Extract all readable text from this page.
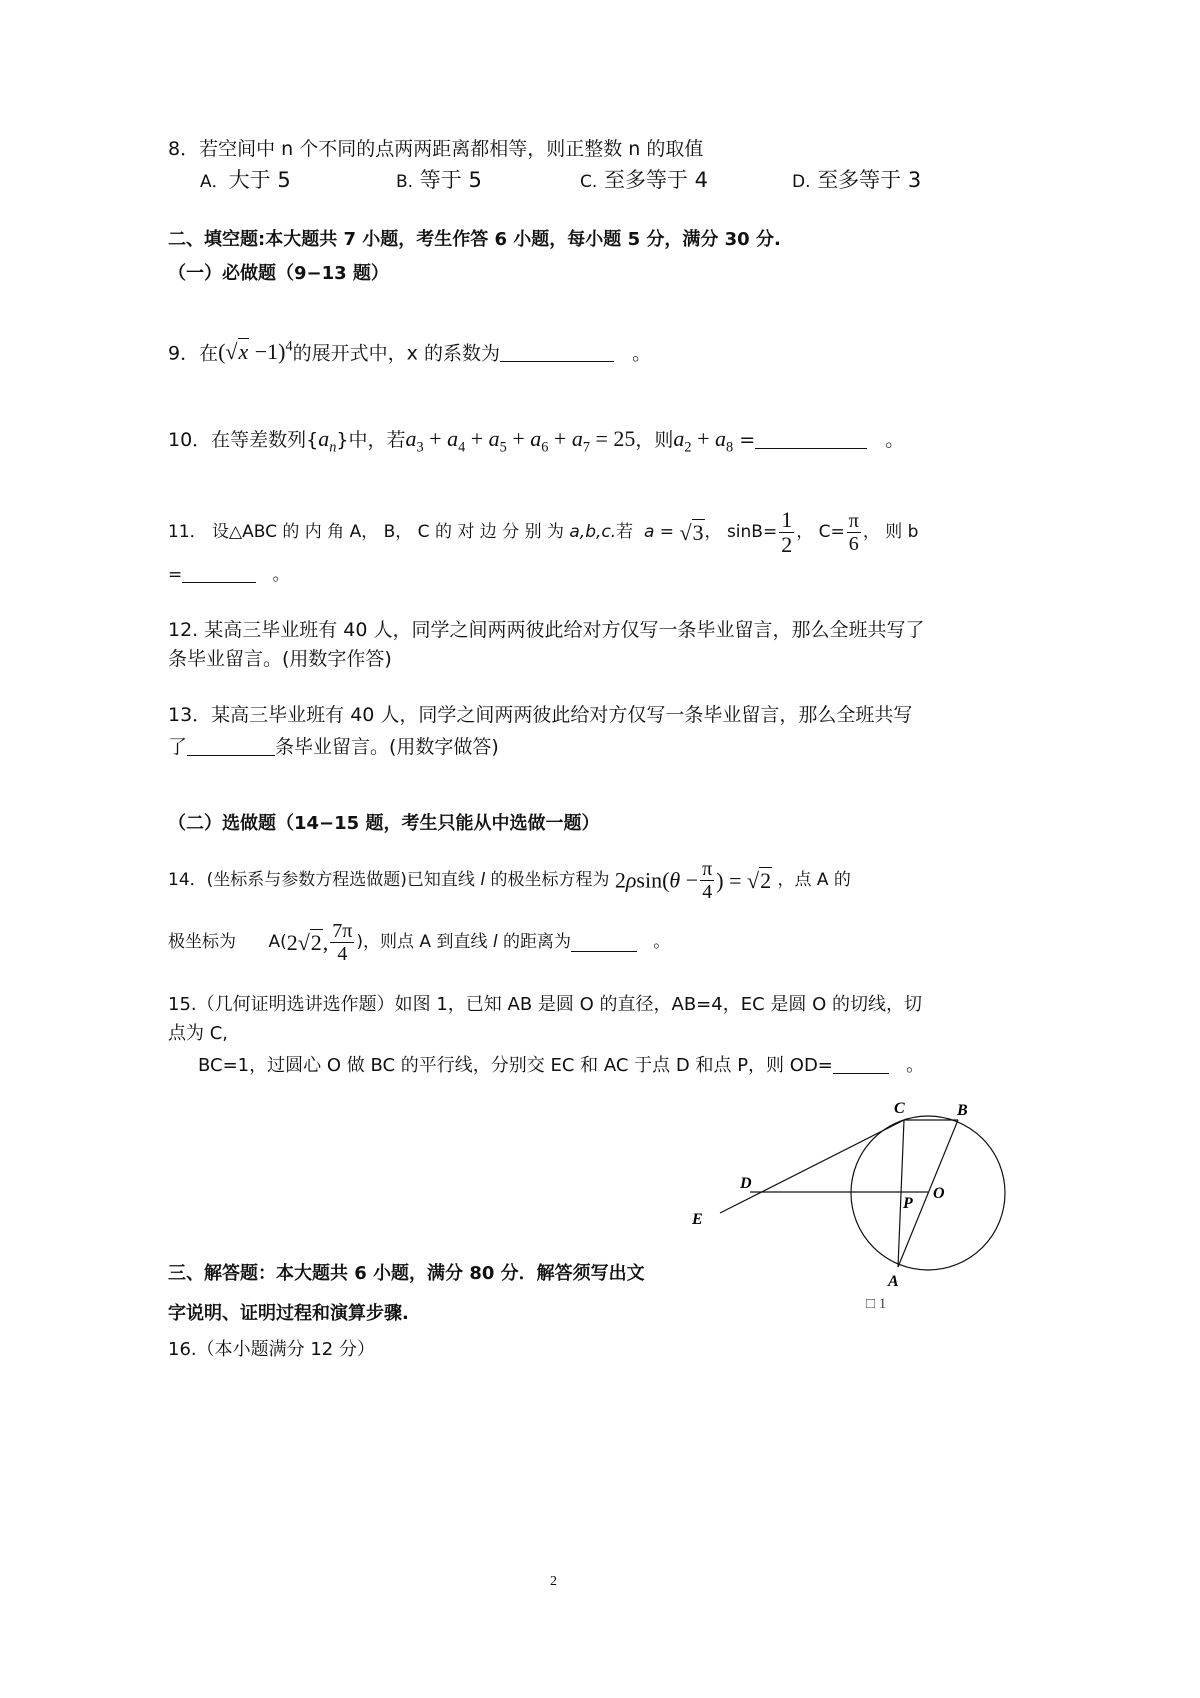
8．若空间中 n 个不同的点两两距离都相等，则正整数 n 的取值
A．大于 5	B. 等于 5	C. 至多等于 4	D. 至多等于 3
二、填空题:本大题共 7 小题，考生作答 6 小题，每小题 5 分，满分 30 分.
（一）必做题（9−13 题）
9．在$(√x -1)^4$的展开式中，x 的系数为	。
10．在等差数列$\{a_n\}$中，若$a_3 + a_4 + a_5 + a_6 + a_7 = 25$，则$a_2 + a_8$ =	。
11． 设△ABC 的 内 角 A， B， C 的 对 边 分 别 为 a,b,c.若 a = √3， $\sin B= \frac{1}{2}$ ， $C= \frac{\pi}{6}$ ， 则 b
=	。
12. 某高三毕业班有 40 人，同学之间两两彼此给对方仅写一条毕业留言，那么全班共写了
条毕业留言。(用数字作答)
13．某高三毕业班有 40 人，同学之间两两彼此给对方仅写一条毕业留言，那么全班共写
了	条毕业留言。(用数字做答)
（二）选做题（14−15 题，考生只能从中选做一题）
14．(坐标系与参数方程选做题)已知直线 l 的极坐标方程为 $2\rho\sin(\theta - \frac{\pi}{4}$ ) = √2 ，点 A 的
极坐标为 A(2√2, $\frac{7\pi}{4}$ )，则点 A 到直线 l 的距离为	。
15.（几何证明选讲选作题）如图 1，已知 AB 是圆 O 的直径，AB=4，EC 是圆 O 的切线，切
点为 C,
BC=1，过圆心 O 做 BC 的平行线，分别交 EC 和 AC 于点 D 和点 P，则 OD=	。
C	B
D
E
P
O
A
□ 1
三、解答题：本大题共 6 小题，满分 80 分．解答须写出文
字说明、证明过程和演算步骤.
16.（本小题满分 12 分）
2
